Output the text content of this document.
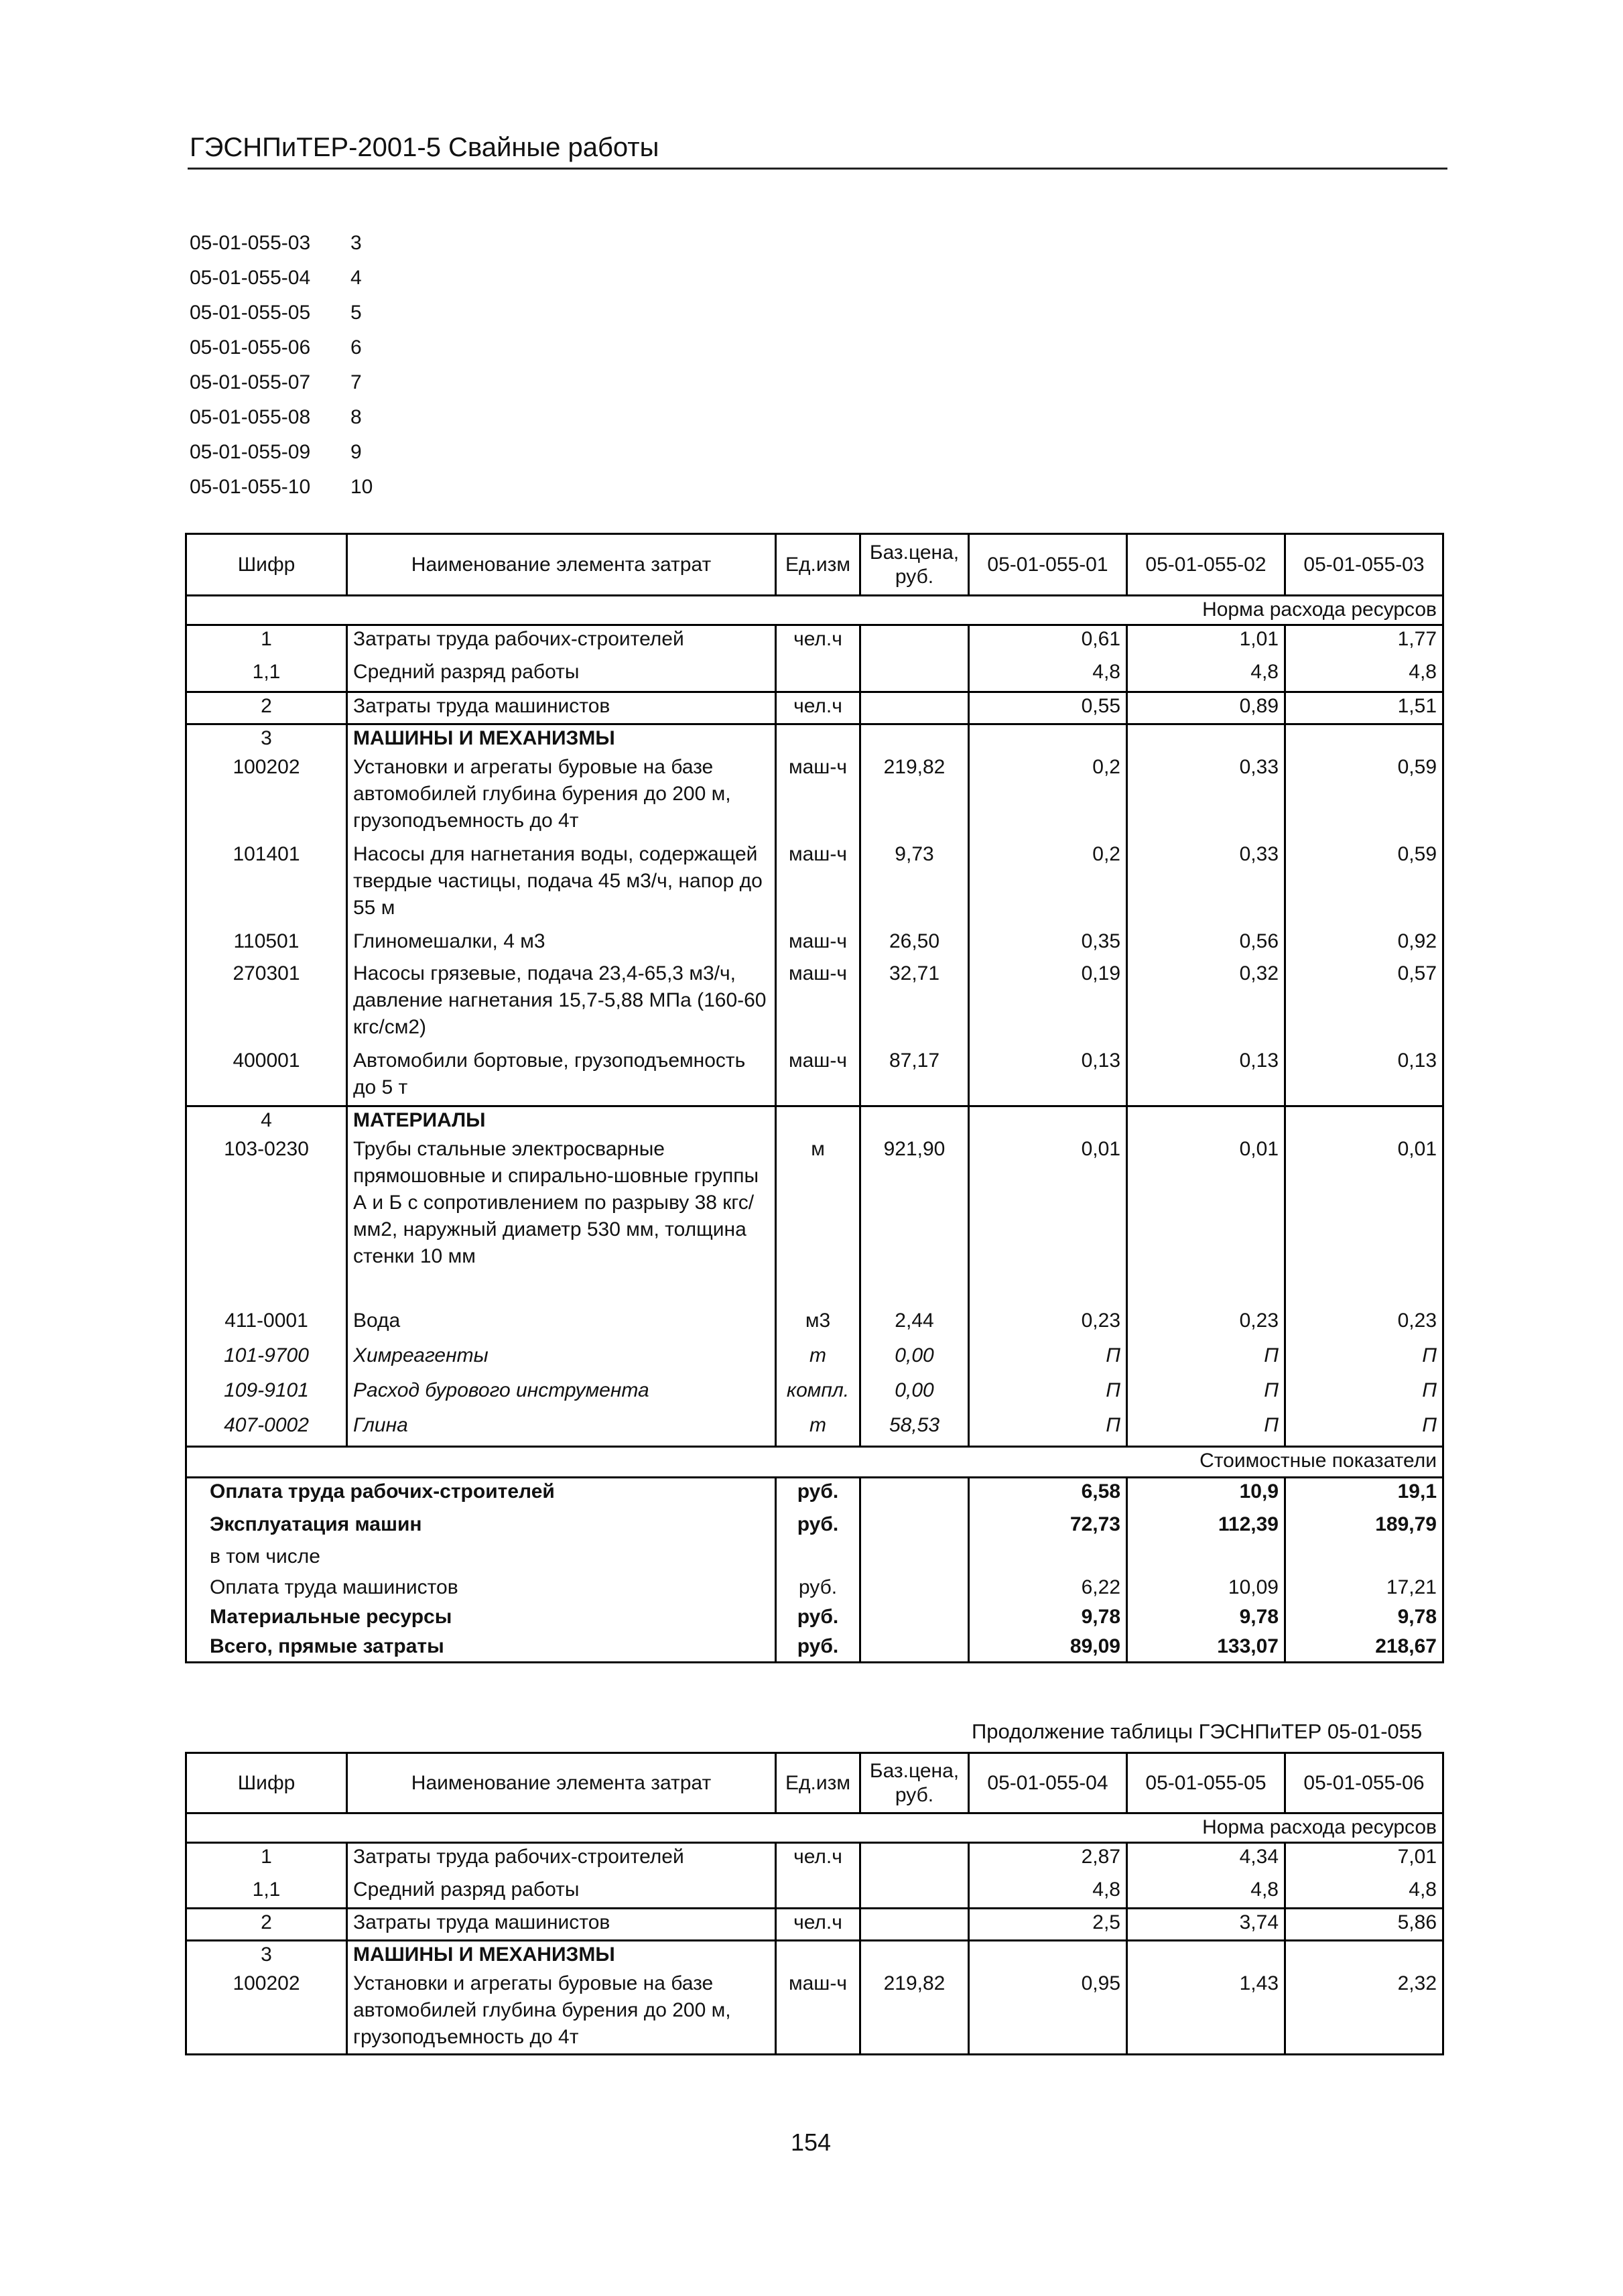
ГЭСНПиТЕР-2001-5 Свайные работы
05-01-055-03	3
05-01-055-04	4
05-01-055-05	5
05-01-055-06	6
05-01-055-07	7
05-01-055-08	8
05-01-055-09	9
05-01-055-10	10
Шифр	Наименование элемента затрат	Ед.изм	Баз.цена, руб.	05-01-055-01	05-01-055-02	05-01-055-03
Норма расхода ресурсов						
1	Затраты труда рабочих-строителей	чел.ч		0,61	1,01	1,77
1,1	Средний разряд работы			4,8	4,8	4,8
2	Затраты труда машинистов	чел.ч		0,55	0,89	1,51
3	МАШИНЫ И МЕХАНИЗМЫ					
100202	Установки и агрегаты буровые на базе автомобилей глубина бурения до 200 м, грузоподъемность до 4т	маш-ч	219,82	0,2	0,33	0,59
101401	Насосы для нагнетания воды, содержащей твердые частицы, подача 45 м3/ч, напор до 55 м	маш-ч	9,73	0,2	0,33	0,59
110501	Глиномешалки, 4 м3	маш-ч	26,50	0,35	0,56	0,92
270301	Насосы грязевые, подача 23,4-65,3 м3/ч, давление нагнетания 15,7-5,88 МПа (160-60 кгс/см2)	маш-ч	32,71	0,19	0,32	0,57
400001	Автомобили бортовые, грузоподъемность до 5 т	маш-ч	87,17	0,13	0,13	0,13
4	МАТЕРИАЛЫ					
103-0230	Трубы стальные электросварные прямошовные и спирально-шовные группы А и Б с сопротивлением по разрыву 38 кгс/мм2, наружный диаметр 530 мм, толщина стенки 10 мм	м	921,90	0,01	0,01	0,01
411-0001	Вода	м3	2,44	0,23	0,23	0,23
101-9700	Химреагенты	т	0,00	П	П	П
109-9101	Расход бурового инструмента	компл.	0,00	П	П	П
407-0002	Глина	т	58,53	П	П	П
Стоимостные показатели						
Оплата труда рабочих-строителей		руб.		6,58	10,9	19,1
Эксплуатация машин		руб.		72,73	112,39	189,79
в том числе						
Оплата труда машинистов		руб.		6,22	10,09	17,21
Материальные ресурсы		руб.		9,78	9,78	9,78
Всего, прямые затраты		руб.		89,09	133,07	218,67
Продолжение таблицы ГЭСНПиТЕР 05-01-055
Шифр	Наименование элемента затрат	Ед.изм	Баз.цена, руб.	05-01-055-04	05-01-055-05	05-01-055-06
Норма расхода ресурсов						
1	Затраты труда рабочих-строителей	чел.ч		2,87	4,34	7,01
1,1	Средний разряд работы			4,8	4,8	4,8
2	Затраты труда машинистов	чел.ч		2,5	3,74	5,86
3	МАШИНЫ И МЕХАНИЗМЫ					
100202	Установки и агрегаты буровые на базе автомобилей глубина бурения до 200 м, грузоподъемность до 4т	маш-ч	219,82	0,95	1,43	2,32
154
